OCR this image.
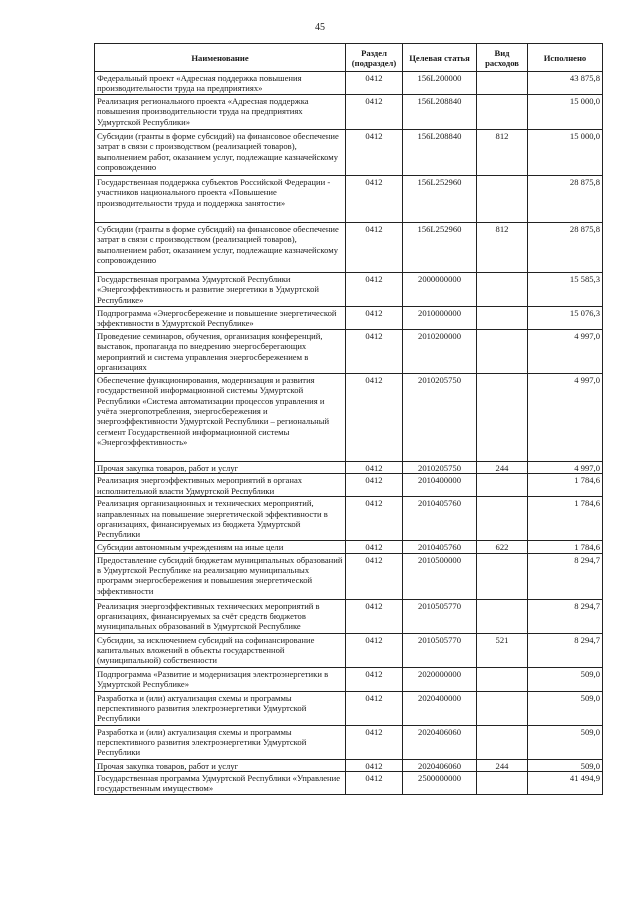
45
Наименование	Раздел (подраздел)	Целевая статья	Вид расходов	Исполнено
Федеральный проект «Адресная поддержка повышения производительности труда на предприятиях»	0412	156L200000		43 875,8
Реализация регионального проекта «Адресная поддержка повышения производительности труда на предприятиях Удмуртской Республики»	0412	156L208840		15 000,0
Субсидии (гранты в форме субсидий) на финансовое обеспечение затрат в связи с производством (реализацией товаров), выполнением работ, оказанием услуг, подлежащие казначейскому сопровождению	0412	156L208840	812	15 000,0
Государственная поддержка субъектов Российской Федерации - участников национального проекта «Повышение производительности труда и поддержка занятости»	0412	156L252960		28 875,8
Субсидии (гранты в форме субсидий) на финансовое обеспечение затрат в связи с производством (реализацией товаров), выполнением работ, оказанием услуг, подлежащие казначейскому сопровождению	0412	156L252960	812	28 875,8
Государственная программа Удмуртской Республики «Энергоэффективность и развитие энергетики в Удмуртской Республике»	0412	2000000000		15 585,3
Подпрограмма «Энергосбережение и повышение энергетической эффективности в Удмуртской Республике»	0412	2010000000		15 076,3
Проведение семинаров, обучения, организация конференций, выставок, пропаганда по внедрению энергосберегающих мероприятий и система управления энергосбережением в организациях	0412	2010200000		4 997,0
Обеспечение функционирования, модернизация и развития государственной информационной системы Удмуртской Республики «Система автоматизации процессов управления и учёта энергопотребления, энергосбережения и энергоэффективности Удмуртской Республики – региональный сегмент Государственной информационной системы «Энергоэффективность»	0412	2010205750		4 997,0
Прочая закупка товаров, работ и услуг	0412	2010205750	244	4 997,0
Реализация энергоэффективных мероприятий в органах исполнительной власти Удмуртской Республики	0412	2010400000		1 784,6
Реализация организационных и технических мероприятий, направленных на повышение энергетической эффективности в организациях, финансируемых из бюджета Удмуртской Республики	0412	2010405760		1 784,6
Субсидии автономным учреждениям на иные цели	0412	2010405760	622	1 784,6
Предоставление субсидий бюджетам муниципальных образований в Удмуртской Республике на реализацию муниципальных программ энергосбережения и повышения энергетической эффективности	0412	2010500000		8 294,7
Реализация энергоэффективных технических мероприятий в организациях, финансируемых за счёт средств бюджетов муниципальных образований в Удмуртской Республике	0412	2010505770		8 294,7
Субсидии, за исключением субсидий на софинансирование капитальных вложений в объекты государственной (муниципальной) собственности	0412	2010505770	521	8 294,7
Подпрограмма «Развитие и модернизация электроэнергетики в Удмуртской Республике»	0412	2020000000		509,0
Разработка и (или) актуализация схемы и программы перспективного развития электроэнергетики Удмуртской Республики	0412	2020400000		509,0
Разработка и (или) актуализация схемы и программы перспективного развития электроэнергетики Удмуртской Республики	0412	2020406060		509,0
Прочая закупка товаров, работ и услуг	0412	2020406060	244	509,0
Государственная программа Удмуртской Республики «Управление государственным имуществом»	0412	2500000000		41 494,9
